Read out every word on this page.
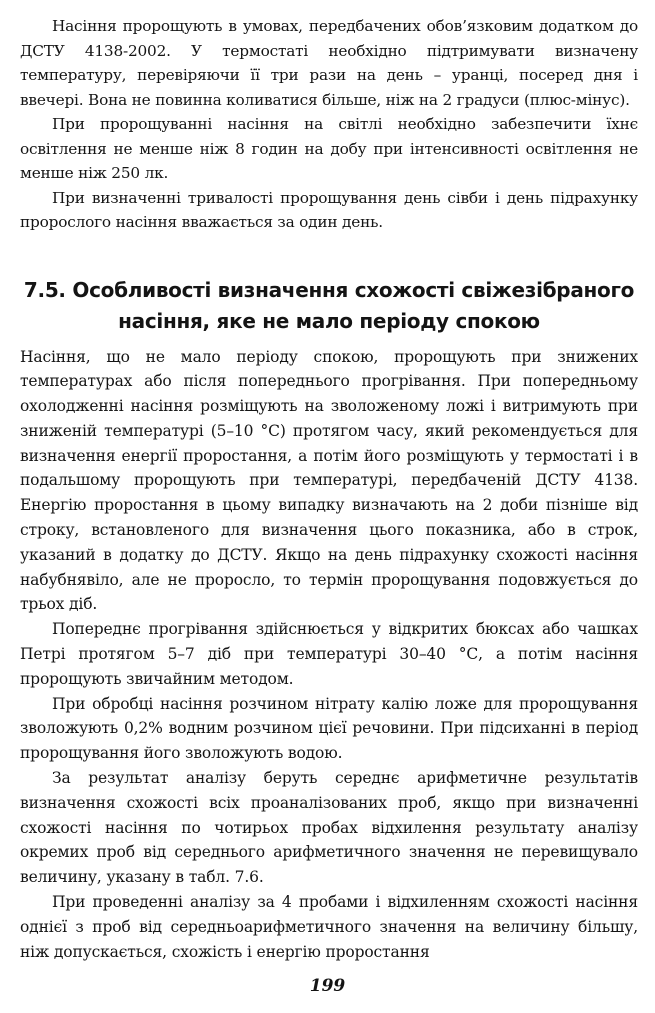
Насіння пророщують в умовах, передбачених обов’язковим додатком до ДСТУ 4138-2002. У термостаті необхідно підтримувати визначену температуру, перевіряючи її три рази на день – уранці, посеред дня і ввечері. Вона не повинна коливатися більше, ніж на 2 градуси (плюс-мінус).

При пророщуванні насіння на світлі необхідно забезпечити їхнє освітлення не менше ніж 8 годин на добу при інтенсивності освітлення не менше ніж 250 лк.

При визначенні тривалості пророщування день сівби і день підрахунку пророслого насіння вважається за один день.

7.5. Особливості визначення схожості свіжезібраного
насіння, яке не мало періоду спокою

Насіння, що не мало періоду спокою, пророщують при знижених температурах або після попереднього прогрівання. При попередньому охолодженні насіння розміщують на зволоженому ложі і витримують при зниженій температурі (5–10 °С) протягом часу, який рекомендується для визначення енергії проростання, а потім його розміщують у термостаті і в подальшому пророщують при температурі, передбаченій ДСТУ 4138. Енергію проростання в цьому випадку визначають на 2 доби пізніше від строку, встановленого для визначення цього показника, або в строк, указаний в додатку до ДСТУ. Якщо на день підрахунку схожості насіння набубнявіло, але не проросло, то термін пророщування подовжується до трьох діб.

Попереднє прогрівання здійснюється у відкритих бюксах або чашках Петрі протягом 5–7 діб при температурі 30–40 °С, а потім насіння пророщують звичайним методом.

При обробці насіння розчином нітрату калію ложе для пророщування зволожують 0,2% водним розчином цієї речовини. При підсиханні в період пророщування його зволожують водою.

За результат аналізу беруть середнє арифметичне результатів визначення схожості всіх проаналізованих проб, якщо при визначенні схожості насіння по чотирьох пробах відхилення результату аналізу окремих проб від середнього арифметичного значення не перевищувало величину, указану в табл. 7.6.

При проведенні аналізу за 4 пробами і відхиленням схожості насіння однієї з проб від середньоарифметичного значення на величину більшу, ніж допускається, схожість і енергію проростання

199
